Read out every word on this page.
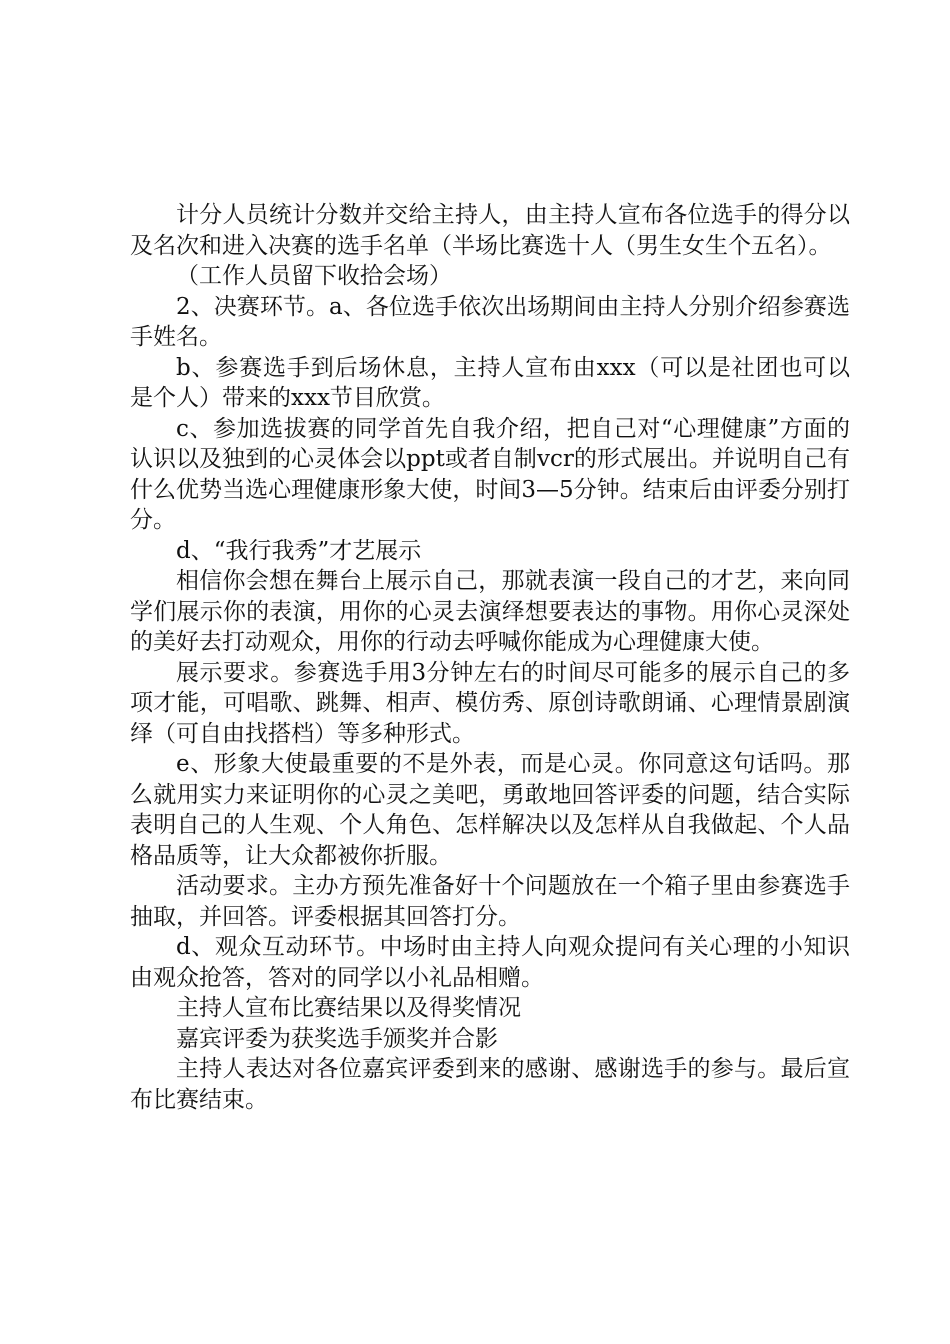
计分人员统计分数并交给主持人，由主持人宣布各位选手的得分以及名次和进入决赛的选手名单（半场比赛选十人（男生女生个五名）。

（工作人员留下收拾会场）

2、决赛环节。a、各位选手依次出场期间由主持人分别介绍参赛选手姓名。

b、参赛选手到后场休息，主持人宣布由xxx（可以是社团也可以是个人）带来的xxx节目欣赏。

c、参加选拔赛的同学首先自我介绍，把自己对“心理健康”方面的认识以及独到的心灵体会以ppt或者自制vcr的形式展出。并说明自己有什么优势当选心理健康形象大使，时间3—5分钟。结束后由评委分别打分。

d、“我行我秀”才艺展示

相信你会想在舞台上展示自己，那就表演一段自己的才艺，来向同学们展示你的表演，用你的心灵去演绎想要表达的事物。用你心灵深处的美好去打动观众，用你的行动去呼喊你能成为心理健康大使。

展示要求。参赛选手用3分钟左右的时间尽可能多的展示自己的多项才能，可唱歌、跳舞、相声、模仿秀、原创诗歌朗诵、心理情景剧演绎（可自由找搭档）等多种形式。

e、形象大使最重要的不是外表，而是心灵。你同意这句话吗。那么就用实力来证明你的心灵之美吧，勇敢地回答评委的问题，结合实际表明自己的人生观、个人角色、怎样解决以及怎样从自我做起、个人品格品质等，让大众都被你折服。

活动要求。主办方预先准备好十个问题放在一个箱子里由参赛选手抽取，并回答。评委根据其回答打分。

d、观众互动环节。中场时由主持人向观众提问有关心理的小知识由观众抢答，答对的同学以小礼品相赠。

主持人宣布比赛结果以及得奖情况

嘉宾评委为获奖选手颁奖并合影

主持人表达对各位嘉宾评委到来的感谢、感谢选手的参与。最后宣布比赛结束。
